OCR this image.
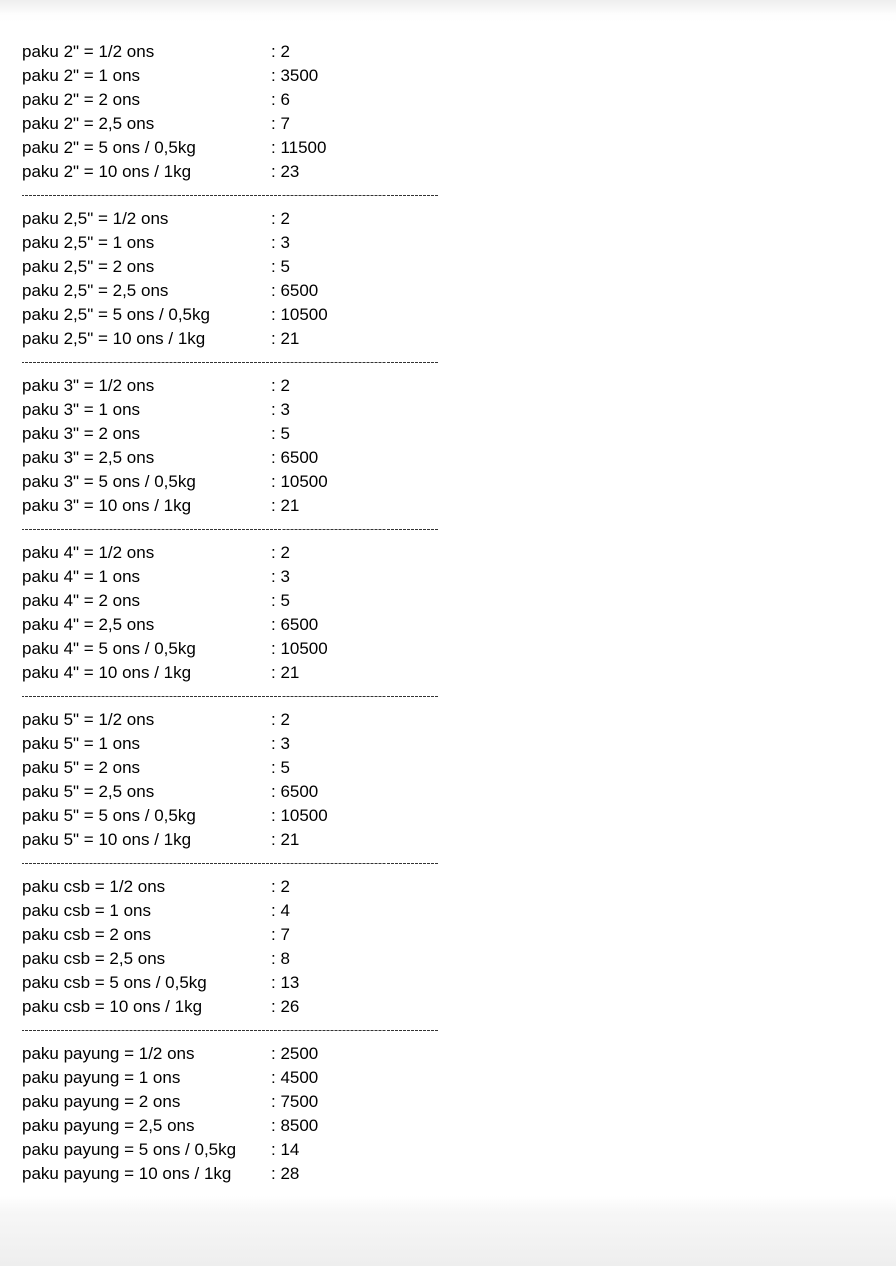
paku 2" = 1/2 ons	: 2
paku 2" = 1 ons	: 3500
paku 2" = 2 ons	: 6
paku 2" = 2,5 ons	: 7
paku 2" = 5 ons / 0,5kg	: 11500
paku 2" = 10 ons / 1kg	: 23
paku 2,5" = 1/2 ons	: 2
paku 2,5" = 1 ons	: 3
paku 2,5" = 2 ons	: 5
paku 2,5" = 2,5 ons	: 6500
paku 2,5" = 5 ons / 0,5kg	: 10500
paku 2,5" = 10 ons / 1kg	: 21
paku 3" = 1/2 ons	: 2
paku 3" = 1 ons	: 3
paku 3" = 2 ons	: 5
paku 3" = 2,5 ons	: 6500
paku 3" = 5 ons / 0,5kg	: 10500
paku 3" = 10 ons / 1kg	: 21
paku 4" = 1/2 ons	: 2
paku 4" = 1 ons	: 3
paku 4" = 2 ons	: 5
paku 4" = 2,5 ons	: 6500
paku 4" = 5 ons / 0,5kg	: 10500
paku 4" = 10 ons / 1kg	: 21
paku 5" = 1/2 ons	: 2
paku 5" = 1 ons	: 3
paku 5" = 2 ons	: 5
paku 5" = 2,5 ons	: 6500
paku 5" = 5 ons / 0,5kg	: 10500
paku 5" = 10 ons / 1kg	: 21
paku csb = 1/2 ons	: 2
paku csb = 1 ons	: 4
paku csb = 2 ons	: 7
paku csb = 2,5 ons	: 8
paku csb = 5 ons / 0,5kg	: 13
paku csb = 10 ons / 1kg	: 26
paku payung = 1/2 ons	: 2500
paku payung = 1 ons	: 4500
paku payung = 2 ons	: 7500
paku payung = 2,5 ons	: 8500
paku payung = 5 ons / 0,5kg : 14
paku payung = 10 ons / 1kg : 28
